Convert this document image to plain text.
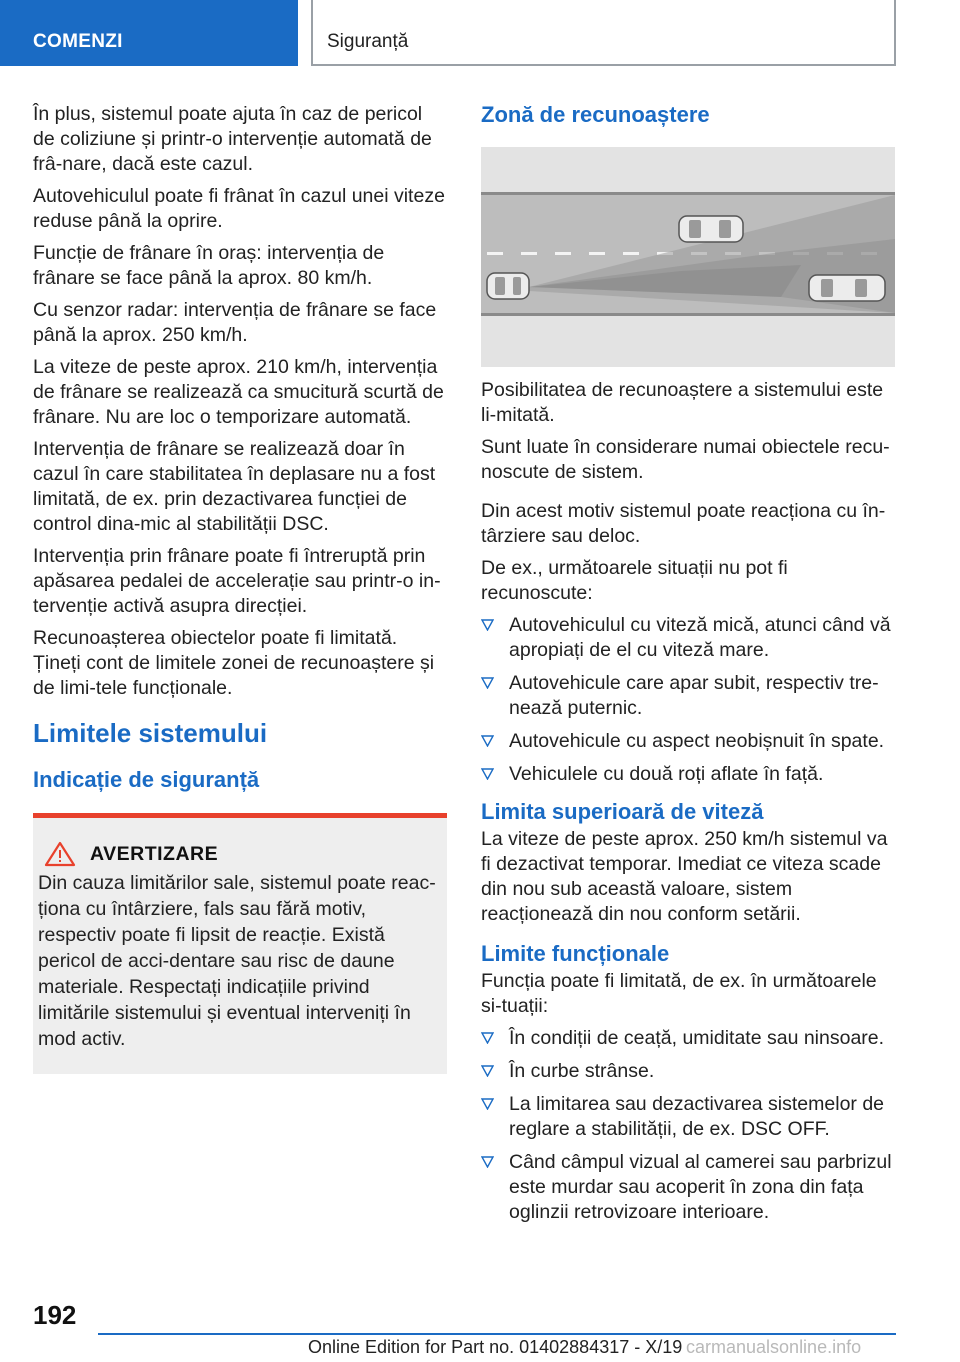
COMENZI	Siguranță

În plus, sistemul poate ajuta în caz de pericol de coliziune și printr-o intervenție automată de frâ-nare, dacă este cazul.

Autovehiculul poate fi frânat în cazul unei viteze reduse până la oprire.

Funcție de frânare în oraș: intervenția de frânare se face până la aprox. 80 km/h.

Cu senzor radar: intervenția de frânare se face până la aprox. 250 km/h.

La viteze de peste aprox. 210 km/h, intervenția de frânare se realizează ca smucitură scurtă de frânare. Nu are loc o temporizare automată.

Intervenția de frânare se realizează doar în cazul în care stabilitatea în deplasare nu a fost limitată, de ex. prin dezactivarea funcției de control dina-mic al stabilității DSC.

Intervenția prin frânare poate fi întreruptă prin apăsarea pedalei de accelerație sau printr-o in-tervenție activă asupra direcției.

Recunoașterea obiectelor poate fi limitată. Țineți cont de limitele zonei de recunoaștere și de limi-tele funcționale.

Limitele sistemului
Indicație de siguranță
AVERTIZARE
Din cauza limitărilor sale, sistemul poate reac-ționa cu întârziere, fals sau fără motiv, respectiv poate fi lipsit de reacție. Există pericol de acci-dentare sau risc de daune materiale. Respectați indicațiile privind limitările sistemului și eventual interveniți în mod activ.
Zonă de recunoaștere

Posibilitatea de recunoaștere a sistemului este li-mitată.

Sunt luate în considerare numai obiectele recu-noscute de sistem.

Din acest motiv sistemul poate reacționa cu în-târziere sau deloc.

De ex., următoarele situații nu pot fi recunoscute:

Autovehiculul cu viteză mică, atunci când vă apropiați de el cu viteză mare.
Autovehicule care apar subit, respectiv tre-nează puternic.
Autovehicule cu aspect neobișnuit în spate.
Vehiculele cu două roți aflate în față.
Limita superioară de viteză

La viteze de peste aprox. 250 km/h sistemul va fi dezactivat temporar. Imediat ce viteza scade din nou sub această valoare, sistem reacționează din nou conform setării.

Limite funcționale

Funcția poate fi limitată, de ex. în următoarele si-tuații:

În condiții de ceață, umiditate sau ninsoare.
În curbe strânse.
La limitarea sau dezactivarea sistemelor de reglare a stabilității, de ex. DSC OFF.
Când câmpul vizual al camerei sau parbrizul este murdar sau acoperit în zona din fața oglinzii retrovizoare interioare.
192
Online Edition for Part no. 01402884317 - X/19 carmanualsonline.info
